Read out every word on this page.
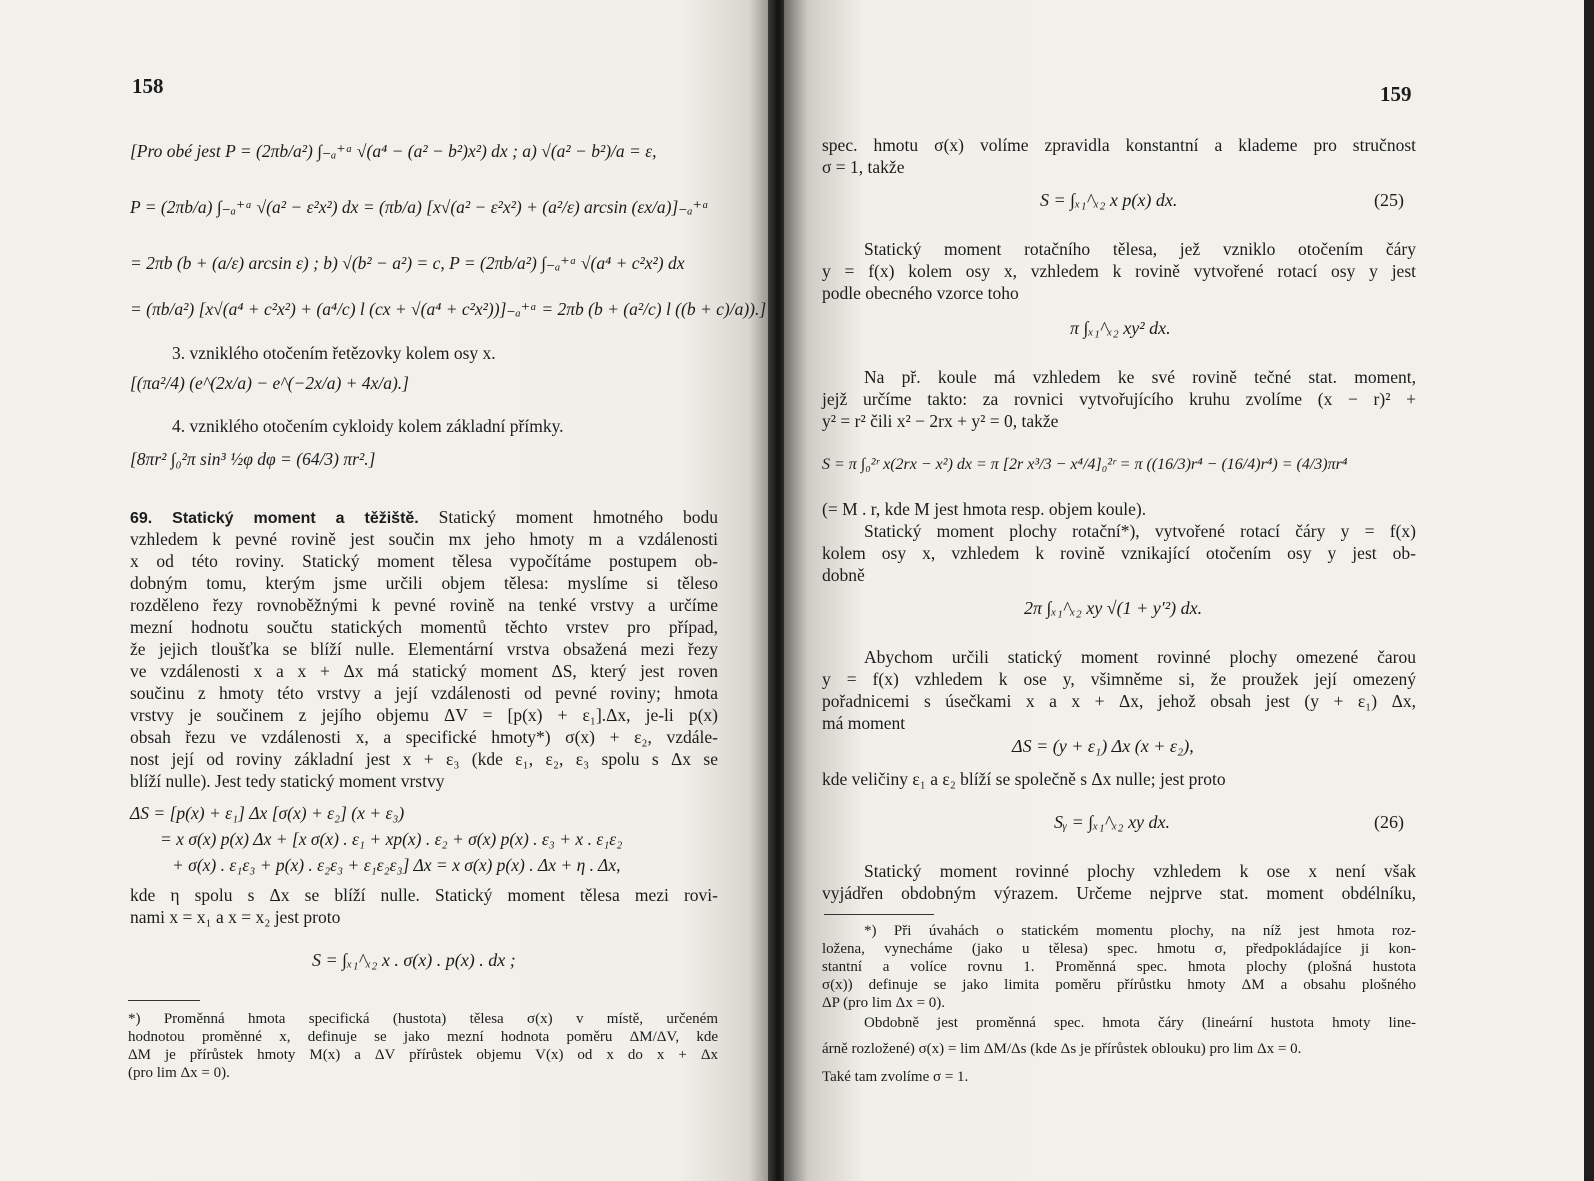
158
[Pro obé jest P = (2πb/a²) ∫₋ₐ⁺ᵃ √(a⁴ − (a² − b²)x²) dx ; a) √(a² − b²)/a = ε,
P = (2πb/a) ∫₋ₐ⁺ᵃ √(a² − ε²x²) dx = (πb/a) [x√(a² − ε²x²) + (a²/ε) arcsin (εx/a)]₋ₐ⁺ᵃ
= 2πb (b + (a/ε) arcsin ε) ; b) √(b² − a²) = c, P = (2πb/a²) ∫₋ₐ⁺ᵃ √(a⁴ + c²x²) dx
= (πb/a²) [x√(a⁴ + c²x²) + (a⁴/c) l (cx + √(a⁴ + c²x²))]₋ₐ⁺ᵃ = 2πb (b + (a²/c) l ((b + c)/a)).]
3. vzniklého otočením řetězovky kolem osy x.
[(πa²/4) (e^(2x/a) − e^(−2x/a) + 4x/a).]
4. vzniklého otočením cykloidy kolem základní přímky.
[8πr² ∫₀²π sin³ ½φ dφ = (64/3) πr².]
69. Statický moment a těžiště. Statický moment hmotného bodu
vzhledem k pevné rovině jest součin mx jeho hmoty m a vzdálenosti
x od této roviny. Statický moment tělesa vypočítáme postupem ob-
dobným tomu, kterým jsme určili objem tělesa: myslíme si těleso
rozděleno řezy rovnoběžnými k pevné rovině na tenké vrstvy a určíme
mezní hodnotu součtu statických momentů těchto vrstev pro případ,
že jejich tloušťka se blíží nulle. Elementární vrstva obsažená mezi řezy
ve vzdálenosti x a x + Δx má statický moment ΔS, který jest roven
součinu z hmoty této vrstvy a její vzdálenosti od pevné roviny; hmota
vrstvy je součinem z jejího objemu ΔV = [p(x) + ε₁].Δx, je-li p(x)
obsah řezu ve vzdálenosti x, a specifické hmoty*) σ(x) + ε₂, vzdále-
nost její od roviny základní jest x + ε₃ (kde ε₁, ε₂, ε₃ spolu s Δx se
blíží nulle). Jest tedy statický moment vrstvy
ΔS = [p(x) + ε₁] Δx [σ(x) + ε₂] (x + ε₃)
= x σ(x) p(x) Δx + [x σ(x) . ε₁ + xp(x) . ε₂ + σ(x) p(x) . ε₃ + x . ε₁ε₂
+ σ(x) . ε₁ε₃ + p(x) . ε₂ε₃ + ε₁ε₂ε₃] Δx = x σ(x) p(x) . Δx + η . Δx,
kde η spolu s Δx se blíží nulle. Statický moment tělesa mezi rovi-
nami x = x₁ a x = x₂ jest proto
S = ∫ₓ₁^ₓ₂ x . σ(x) . p(x) . dx ;
*) Proměnná hmota specifická (hustota) tělesa σ(x) v místě, určeném
hodnotou proměnné x, definuje se jako mezní hodnota poměru ΔM/ΔV, kde
ΔM je přírůstek hmoty M(x) a ΔV přírůstek objemu V(x) od x do x + Δx
(pro lim Δx = 0).
159
spec. hmotu σ(x) volíme zpravidla konstantní a klademe pro stručnost
σ = 1, takže
S = ∫ₓ₁^ₓ₂ x p(x) dx.	(25)
Statický moment rotačního tělesa, jež vzniklo otočením čáry
y = f(x) kolem osy x, vzhledem k rovině vytvořené rotací osy y jest
podle obecného vzorce toho
π ∫ₓ₁^ₓ₂ xy² dx.
Na př. koule má vzhledem ke své rovině tečné stat. moment,
jejž určíme takto: za rovnici vytvořujícího kruhu zvolíme (x − r)² +
y² = r² čili x² − 2rx + y² = 0, takže
S = π ∫₀²ʳ x(2rx − x²) dx = π [2r x³/3 − x⁴/4]₀²ʳ = π ((16/3)r⁴ − (16/4)r⁴) = (4/3)πr⁴
(= M . r, kde M jest hmota resp. objem koule).
Statický moment plochy rotační*), vytvořené rotací čáry y = f(x)
kolem osy x, vzhledem k rovině vznikající otočením osy y jest ob-
dobně
2π ∫ₓ₁^ₓ₂ xy √(1 + y′²) dx.
Abychom určili statický moment rovinné plochy omezené čarou
y = f(x) vzhledem k ose y, všimněme si, že proužek její omezený
pořadnicemi s úsečkami x a x + Δx, jehož obsah jest (y + ε₁) Δx,
má moment
ΔS = (y + ε₁) Δx (x + ε₂),
kde veličiny ε₁ a ε₂ blíží se společně s Δx nulle; jest proto
Sᵧ = ∫ₓ₁^ₓ₂ xy dx.	(26)
Statický moment rovinné plochy vzhledem k ose x není však
vyjádřen obdobným výrazem. Určeme nejprve stat. moment obdélníku,
*) Při úvahách o statickém momentu plochy, na níž jest hmota roz-
ložena, vynecháme (jako u tělesa) spec. hmotu σ, předpokládajíce ji kon-
stantní a volíce rovnu 1. Proměnná spec. hmota plochy (plošná hustota
σ(x)) definuje se jako limita poměru přírůstku hmoty ΔM a obsahu plošného
ΔP (pro lim Δx = 0).
Obdobně jest proměnná spec. hmota čáry (lineární hustota hmoty line-
árně rozložené) σ(x) = lim ΔM/Δs (kde Δs je přírůstek oblouku) pro lim Δx = 0.
Také tam zvolíme σ = 1.
